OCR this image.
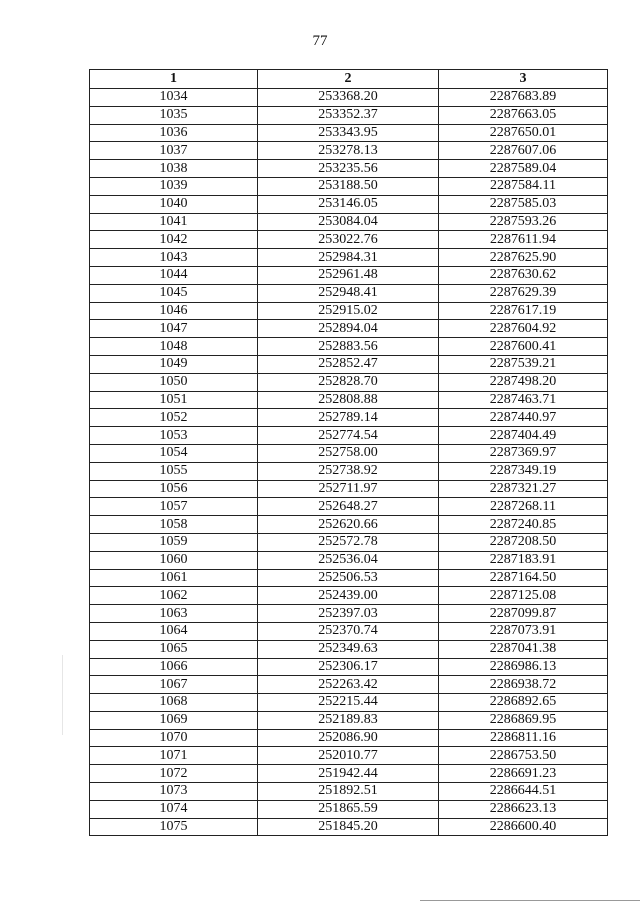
77
1	2	3
1034	253368.20	2287683.89
1035	253352.37	2287663.05
1036	253343.95	2287650.01
1037	253278.13	2287607.06
1038	253235.56	2287589.04
1039	253188.50	2287584.11
1040	253146.05	2287585.03
1041	253084.04	2287593.26
1042	253022.76	2287611.94
1043	252984.31	2287625.90
1044	252961.48	2287630.62
1045	252948.41	2287629.39
1046	252915.02	2287617.19
1047	252894.04	2287604.92
1048	252883.56	2287600.41
1049	252852.47	2287539.21
1050	252828.70	2287498.20
1051	252808.88	2287463.71
1052	252789.14	2287440.97
1053	252774.54	2287404.49
1054	252758.00	2287369.97
1055	252738.92	2287349.19
1056	252711.97	2287321.27
1057	252648.27	2287268.11
1058	252620.66	2287240.85
1059	252572.78	2287208.50
1060	252536.04	2287183.91
1061	252506.53	2287164.50
1062	252439.00	2287125.08
1063	252397.03	2287099.87
1064	252370.74	2287073.91
1065	252349.63	2287041.38
1066	252306.17	2286986.13
1067	252263.42	2286938.72
1068	252215.44	2286892.65
1069	252189.83	2286869.95
1070	252086.90	2286811.16
1071	252010.77	2286753.50
1072	251942.44	2286691.23
1073	251892.51	2286644.51
1074	251865.59	2286623.13
1075	251845.20	2286600.40
